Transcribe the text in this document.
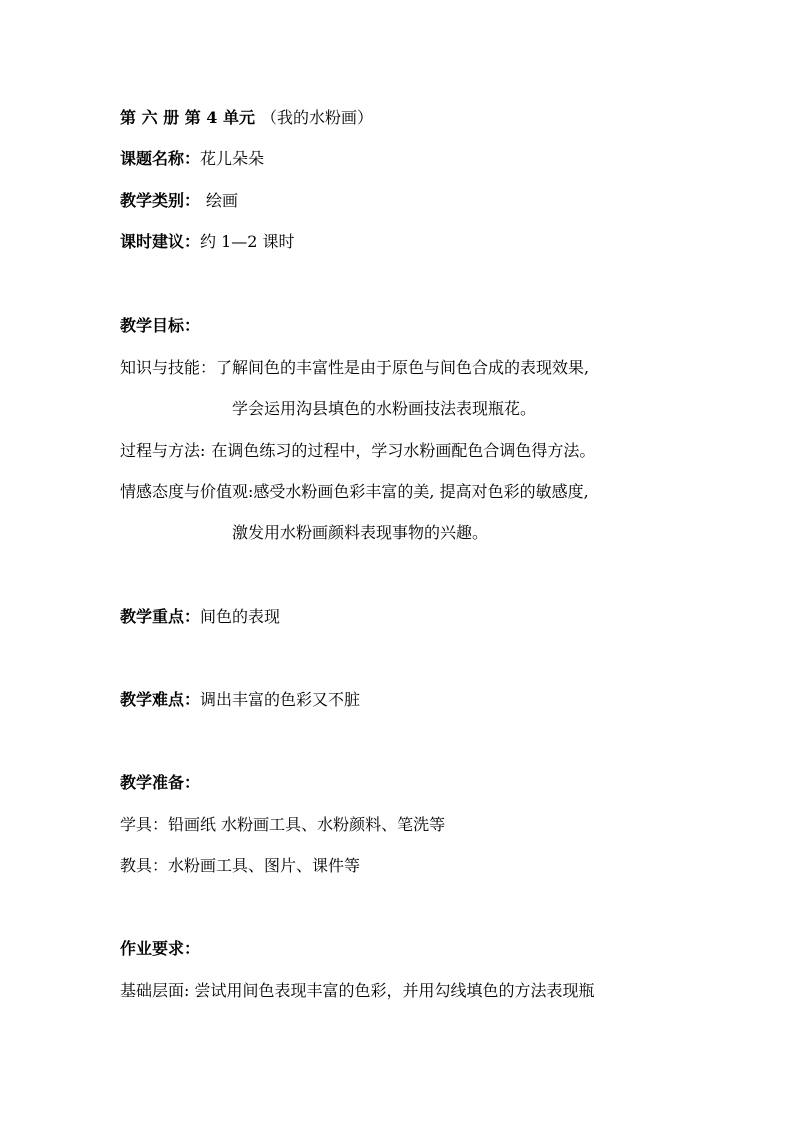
第 六 册 第 4 单元 （我的水粉画）
课题名称：花儿朵朵
教学类别： 绘画
课时建议：约 1—2 课时
教学目标：
知识与技能：了解间色的丰富性是由于原色与间色合成的表现效果,
学会运用沟县填色的水粉画技法表现瓶花。
过程与方法: 在调色练习的过程中，学习水粉画配色合调色得方法。
情感态度与价值观:感受水粉画色彩丰富的美, 提高对色彩的敏感度,
激发用水粉画颜料表现事物的兴趣。
教学重点：间色的表现
教学难点：调出丰富的色彩又不脏
教学准备：
学具：铅画纸 水粉画工具、水粉颜料、笔洗等
教具：水粉画工具、图片、课件等
作业要求：
基础层面: 尝试用间色表现丰富的色彩，并用勾线填色的方法表现瓶
